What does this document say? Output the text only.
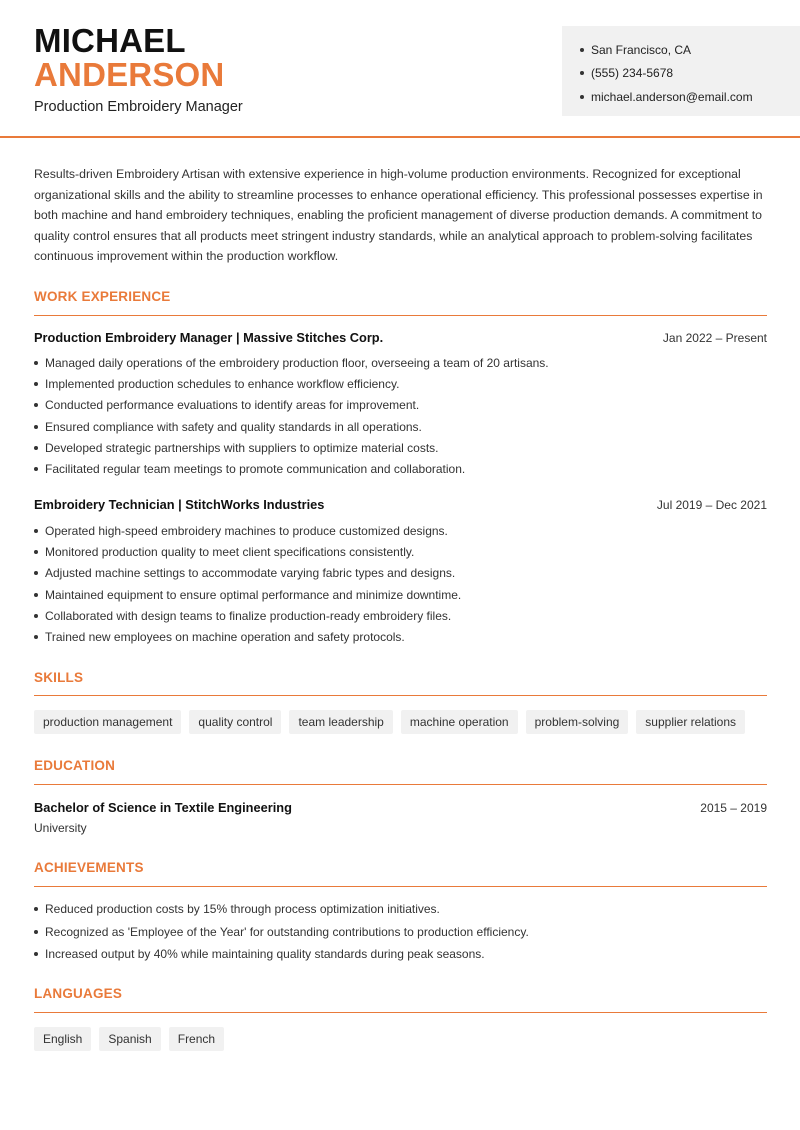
MICHAEL
ANDERSON
Production Embroidery Manager
San Francisco, CA
(555) 234-5678
michael.anderson@email.com

Results-driven Embroidery Artisan with extensive experience in high-volume production environments. Recognized for exceptional organizational skills and the ability to streamline processes to enhance operational efficiency. This professional possesses expertise in both machine and hand embroidery techniques, enabling the proficient management of diverse production demands. A commitment to quality control ensures that all products meet stringent industry standards, while an analytical approach to problem-solving facilitates continuous improvement within the production workflow.

WORK EXPERIENCE
Production Embroidery Manager | Massive Stitches Corp.	Jan 2022 – Present
Managed daily operations of the embroidery production floor, overseeing a team of 20 artisans.
Implemented production schedules to enhance workflow efficiency.
Conducted performance evaluations to identify areas for improvement.
Ensured compliance with safety and quality standards in all operations.
Developed strategic partnerships with suppliers to optimize material costs.
Facilitated regular team meetings to promote communication and collaboration.
Embroidery Technician | StitchWorks Industries	Jul 2019 – Dec 2021
Operated high-speed embroidery machines to produce customized designs.
Monitored production quality to meet client specifications consistently.
Adjusted machine settings to accommodate varying fabric types and designs.
Maintained equipment to ensure optimal performance and minimize downtime.
Collaborated with design teams to finalize production-ready embroidery files.
Trained new employees on machine operation and safety protocols.
SKILLS
production management	quality control	team leadership	machine operation	problem-solving	supplier relations
EDUCATION
Bachelor of Science in Textile Engineering	2015 – 2019
University
ACHIEVEMENTS
Reduced production costs by 15% through process optimization initiatives.
Recognized as 'Employee of the Year' for outstanding contributions to production efficiency.
Increased output by 40% while maintaining quality standards during peak seasons.
LANGUAGES
English	Spanish	French
